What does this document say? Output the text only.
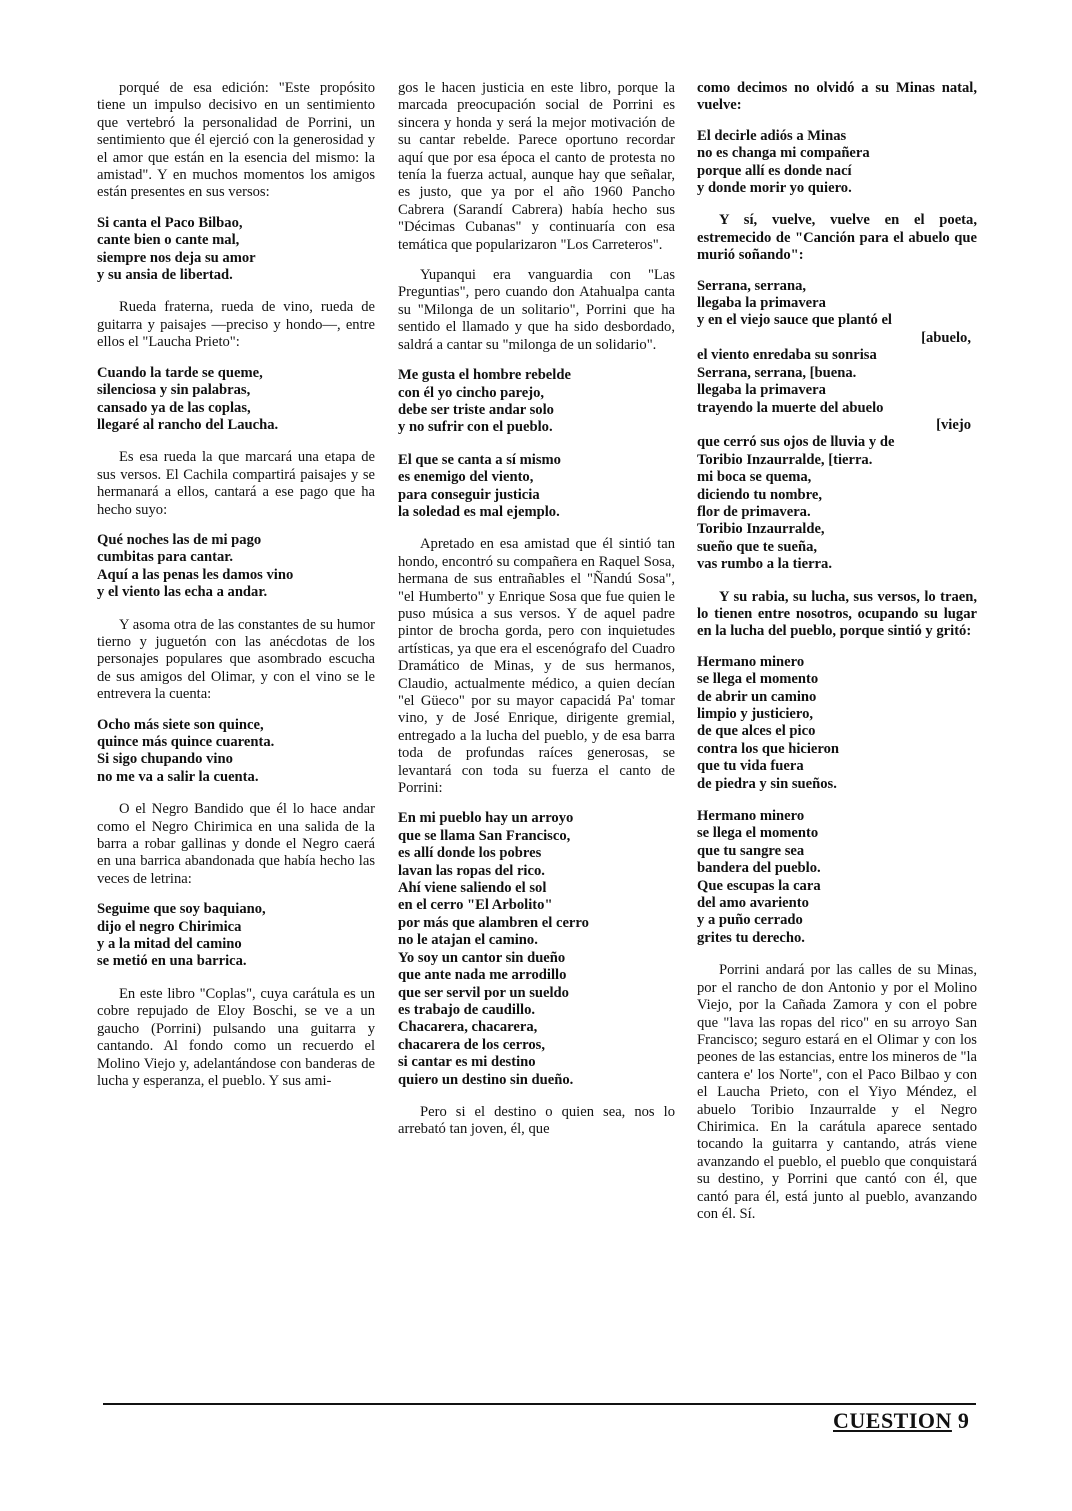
porqué de esa edición: "Este propósito tiene un impulso decisivo en un sentimiento que vertebró la personalidad de Porrini, un sentimiento que él ejerció con la generosidad y el amor que están en la esencia del mismo: la amistad". Y en muchos momentos los amigos están presentes en sus versos:

Si canta el Paco Bilbao,
cante bien o cante mal,
siempre nos deja su amor
y su ansia de libertad.

Rueda fraterna, rueda de vino, rueda de guitarra y paisajes —preciso y hondo—, entre ellos el "Laucha Prieto":

Cuando la tarde se queme,
silenciosa y sin palabras,
cansado ya de las coplas,
llegaré al rancho del Laucha.

Es esa rueda la que marcará una etapa de sus versos. El Cachila compartirá paisajes y se hermanará a ellos, cantará a ese pago que ha hecho suyo:

Qué noches las de mi pago
cumbitas para cantar.
Aquí a las penas les damos vino
y el viento las echa a andar.

Y asoma otra de las constantes de su humor tierno y juguetón con las anécdotas de los personajes populares que asombrado escucha de sus amigos del Olimar, y con el vino se le entrevera la cuenta:

Ocho más siete son quince,
quince más quince cuarenta.
Si sigo chupando vino
no me va a salir la cuenta.

O el Negro Bandido que él lo hace andar como el Negro Chirimica en una salida de la barra a robar gallinas y donde el Negro caerá en una barrica abandonada que había hecho las veces de letrina:

Seguime que soy baquiano,
dijo el negro Chirimica
y a la mitad del camino
se metió en una barrica.

En este libro "Coplas", cuya carátula es un cobre repujado de Eloy Boschi, se ve a un gaucho (Porrini) pulsando una guitarra y cantando. Al fondo como un recuerdo el Molino Viejo y, adelantándose con banderas de lucha y esperanza, el pueblo. Y sus ami-

gos le hacen justicia en este libro, porque la marcada preocupación social de Porrini es sincera y honda y será la mejor motivación de su cantar rebelde. Parece oportuno recordar aquí que por esa época el canto de protesta no tenía la fuerza actual, aunque hay que señalar, es justo, que ya por el año 1960 Pancho Cabrera (Sarandí Cabrera) había hecho sus "Décimas Cubanas" y continuaría con esa temática que popularizaron "Los Carreteros".

Yupanqui era vanguardia con "Las Preguntias", pero cuando don Atahualpa canta su "Milonga de un solitario", Porrini que ha sentido el llamado y que ha sido desbordado, saldrá a cantar su "milonga de un solidario".

Me gusta el hombre rebelde
con él yo cincho parejo,
debe ser triste andar solo
y no sufrir con el pueblo.
El que se canta a sí mismo
es enemigo del viento,
para conseguir justicia
la soledad es mal ejemplo.

Apretado en esa amistad que él sintió tan hondo, encontró su compañera en Raquel Sosa, hermana de sus entrañables el "Ñandú Sosa", "el Humberto" y Enrique Sosa que fue quien le puso música a sus versos. Y de aquel padre pintor de brocha gorda, pero con inquietudes artísticas, ya que era el escenógrafo del Cuadro Dramático de Minas, y de sus hermanos, Claudio, actualmente médico, a quien decían "el Güeco" por su mayor capacidá Pa' tomar vino, y de José Enrique, dirigente gremial, entregado a la lucha del pueblo, y de esa barra toda de profundas raíces generosas, se levantará con toda su fuerza el canto de Porrini:

En mi pueblo hay un arroyo
que se llama San Francisco,
es allí donde los pobres
lavan las ropas del rico.
Ahí viene saliendo el sol
en el cerro "El Arbolito"
por más que alambren el cerro
no le atajan el camino.
Yo soy un cantor sin dueño
que ante nada me arrodillo
que ser servil por un sueldo
es trabajo de caudillo.
Chacarera, chacarera,
chacarera de los cerros,
si cantar es mi destino
quiero un destino sin dueño.

Pero si el destino o quien sea, nos lo arrebató tan joven, él, que

como decimos no olvidó a su Minas natal, vuelve:

El decirle adiós a Minas
no es changa mi compañera
porque allí es donde nací
y donde morir yo quiero.

Y sí, vuelve, vuelve en el poeta, estremecido de "Canción para el abuelo que murió soñando":

Serrana, serrana,
llegaba la primavera
y en el viejo sauce que plantó el
[abuelo,
el viento enredaba su sonrisa
Serrana, serrana, [buena.
llegaba la primavera
trayendo la muerte del abuelo
[viejo
que cerró sus ojos de lluvia y de
Toribio Inzaurralde, [tierra.
mi boca se quema,
diciendo tu nombre,
flor de primavera.
Toribio Inzaurralde,
sueño que te sueña,
vas rumbo a la tierra.

Y su rabia, su lucha, sus versos, lo traen, lo tienen entre nosotros, ocupando su lugar en la lucha del pueblo, porque sintió y gritó:

Hermano minero
se llega el momento
de abrir un camino
limpio y justiciero,
de que alces el pico
contra los que hicieron
que tu vida fuera
de piedra y sin sueños.
Hermano minero
se llega el momento
que tu sangre sea
bandera del pueblo.
Que escupas la cara
del amo avariento
y a puño cerrado
grites tu derecho.

Porrini andará por las calles de su Minas, por el rancho de don Antonio y por el Molino Viejo, por la Cañada Zamora y con el pobre que "lava las ropas del rico" en su arroyo San Francisco; seguro estará en el Olimar y con los peones de las estancias, entre los mineros de "la cantera e' los Norte", con el Paco Bilbao y con el Laucha Prieto, con el Yiyo Méndez, el abuelo Toribio Inzaurralde y el Negro Chirimica. En la carátula aparece sentado tocando la guitarra y cantando, atrás viene avanzando el pueblo, el pueblo que conquistará su destino, y Porrini que cantó con él, que cantó para él, está junto al pueblo, avanzando con él. Sí.

CUESTION 9
